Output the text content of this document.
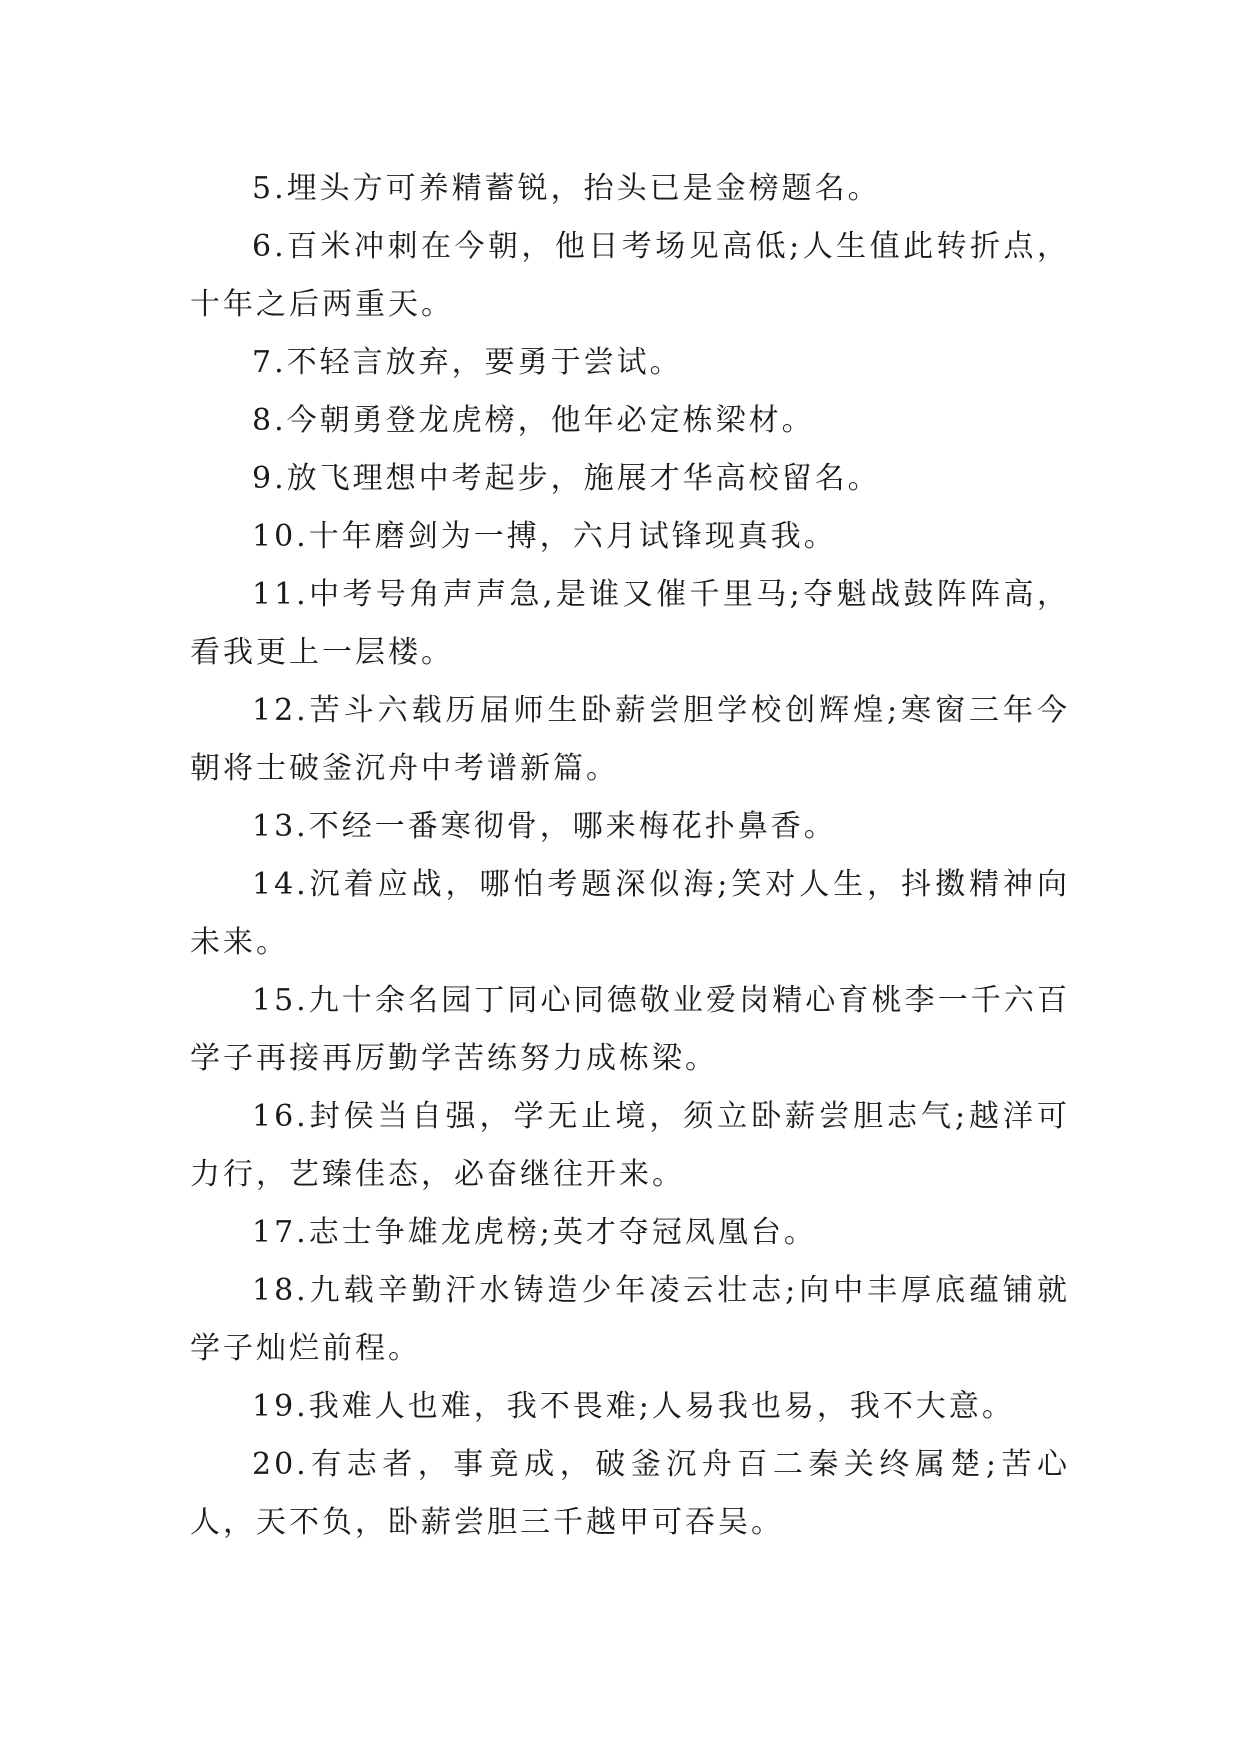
5.埋头方可养精蓄锐，抬头已是金榜题名。

6.百米冲刺在今朝，他日考场见高低;人生值此转折点，十年之后两重天。

7.不轻言放弃，要勇于尝试。

8.今朝勇登龙虎榜，他年必定栋梁材。

9.放飞理想中考起步，施展才华高校留名。

10.十年磨剑为一搏，六月试锋现真我。

11.中考号角声声急,是谁又催千里马;夺魁战鼓阵阵高，看我更上一层楼。

12.苦斗六载历届师生卧薪尝胆学校创辉煌;寒窗三年今朝将士破釜沉舟中考谱新篇。

13.不经一番寒彻骨，哪来梅花扑鼻香。

14.沉着应战，哪怕考题深似海;笑对人生，抖擞精神向未来。

15.九十余名园丁同心同德敬业爱岗精心育桃李一千六百学子再接再厉勤学苦练努力成栋梁。

16.封侯当自强，学无止境，须立卧薪尝胆志气;越洋可力行，艺臻佳态，必奋继往开来。

17.志士争雄龙虎榜;英才夺冠凤凰台。

18.九载辛勤汗水铸造少年凌云壮志;向中丰厚底蕴铺就学子灿烂前程。

19.我难人也难，我不畏难;人易我也易，我不大意。

20.有志者，事竟成，破釜沉舟百二秦关终属楚;苦心人，天不负，卧薪尝胆三千越甲可吞吴。
